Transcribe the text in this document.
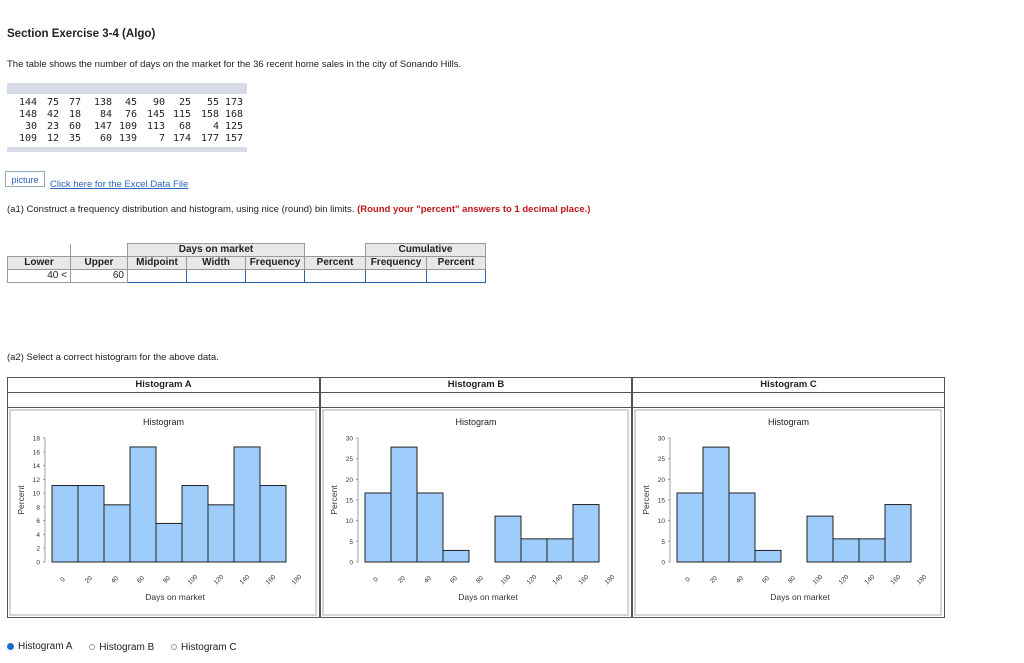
Section Exercise 3-4 (Algo)
The table shows the number of days on the market for the 36 recent home sales in the city of Sonando Hills.
144 75 77	138	45	90	25	55 173
148 42 18	84	76 145 115 158 168
30 23 60	147 109 113	68	4 125
109 12 35	60 139	7 174 177 157
picture	Click here for the Excel Data File
(a1) Construct a frequency distribution and histogram, using nice (round) bin limits. (Round your "percent" answers to 1 decimal place.)
		Days on market				Cumulative	
Lower	Upper	Midpoint	Width	Frequency	Percent	Frequency	Percent
40 <	60						
(a2) Select a correct histogram for the above data.
Histogram A
Histogram
0
2
4
6
8
10
12
14
16
18
Percent
0	20 40 60 80 100 120 140 160 180
Days on market
Histogram B
Histogram
0
5
10
15
20
25
30
Percent
0	20 40 60 80 100 120 140 160 180
Days on market
Histogram C
Histogram
0
5
10
15
20
25
30
Percent
0	20 40 60 80 100 120 140 160 180
Days on market
Histogram A
	Histogram B
	Histogram C
